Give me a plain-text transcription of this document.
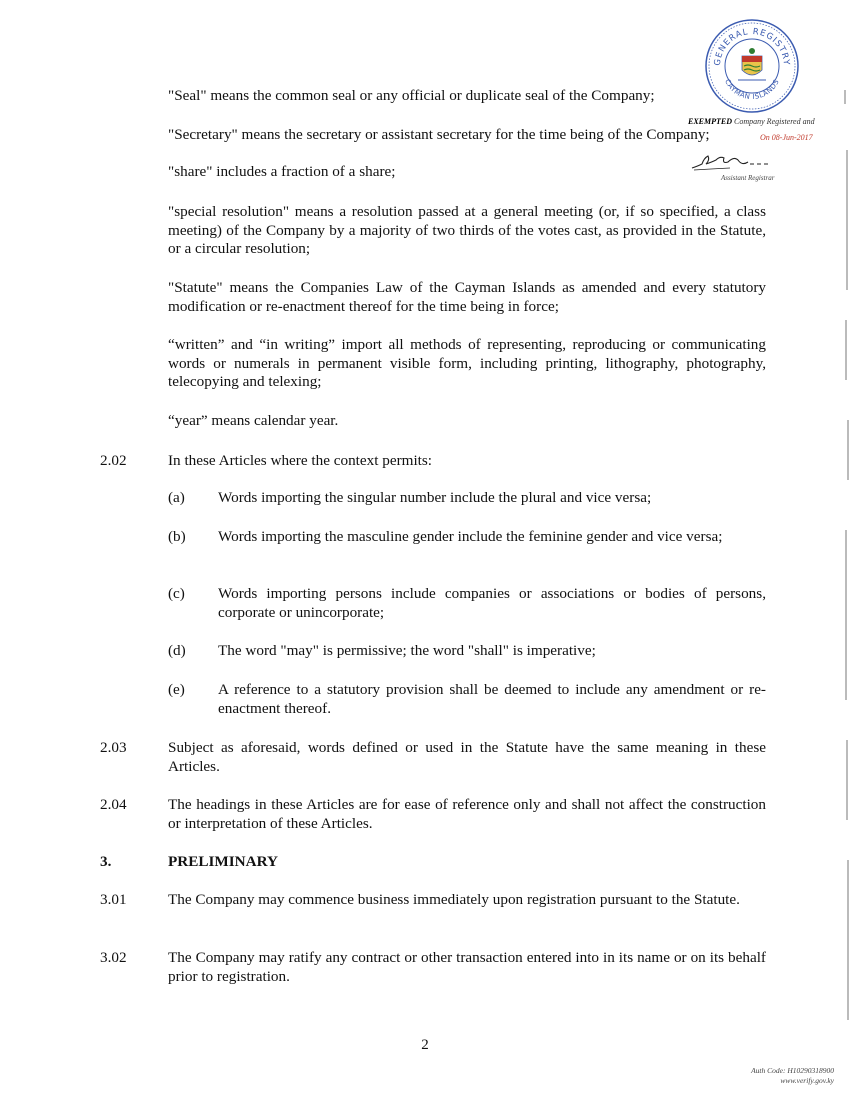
"Seal" means the common seal or any official or duplicate seal of the Company;
"Secretary" means the secretary or assistant secretary for the time being of the Company;
"share" includes a fraction of a share;
"special resolution" means a resolution passed at a general meeting (or, if so specified, a class meeting) of the Company by a majority of two thirds of the votes cast, as provided in the Statute, or a circular resolution;
"Statute" means the Companies Law of the Cayman Islands as amended and every statutory modification or re-enactment thereof for the time being in force;
“written” and “in writing” import all methods of representing, reproducing or communicating words or numerals in permanent visible form, including printing, lithography, photography, telecopying and telexing;
“year” means calendar year.
2.02	In these Articles where the context permits:
(a) Words importing the singular number include the plural and vice versa;
(b) Words importing the masculine gender include the feminine gender and vice versa;
(c) Words importing persons include companies or associations or bodies of persons, corporate or unincorporate;
(d) The word "may" is permissive; the word "shall" is imperative;
(e) A reference to a statutory provision shall be deemed to include any amendment or re-enactment thereof.
2.03	Subject as aforesaid, words defined or used in the Statute have the same meaning in these Articles.
2.04	The headings in these Articles are for ease of reference only and shall not affect the construction or interpretation of these Articles.
3.	PRELIMINARY
3.01	The Company may commence business immediately upon registration pursuant to the Statute.
3.02	The Company may ratify any contract or other transaction entered into in its name or on its behalf prior to registration.
2
GENERAL REGISTRY
CAYMAN ISLANDS
EXEMPTED Company Registered and
On 08-Jun-2017
Assistant Registrar
Auth Code: H10290318900
www.verify.gov.ky
